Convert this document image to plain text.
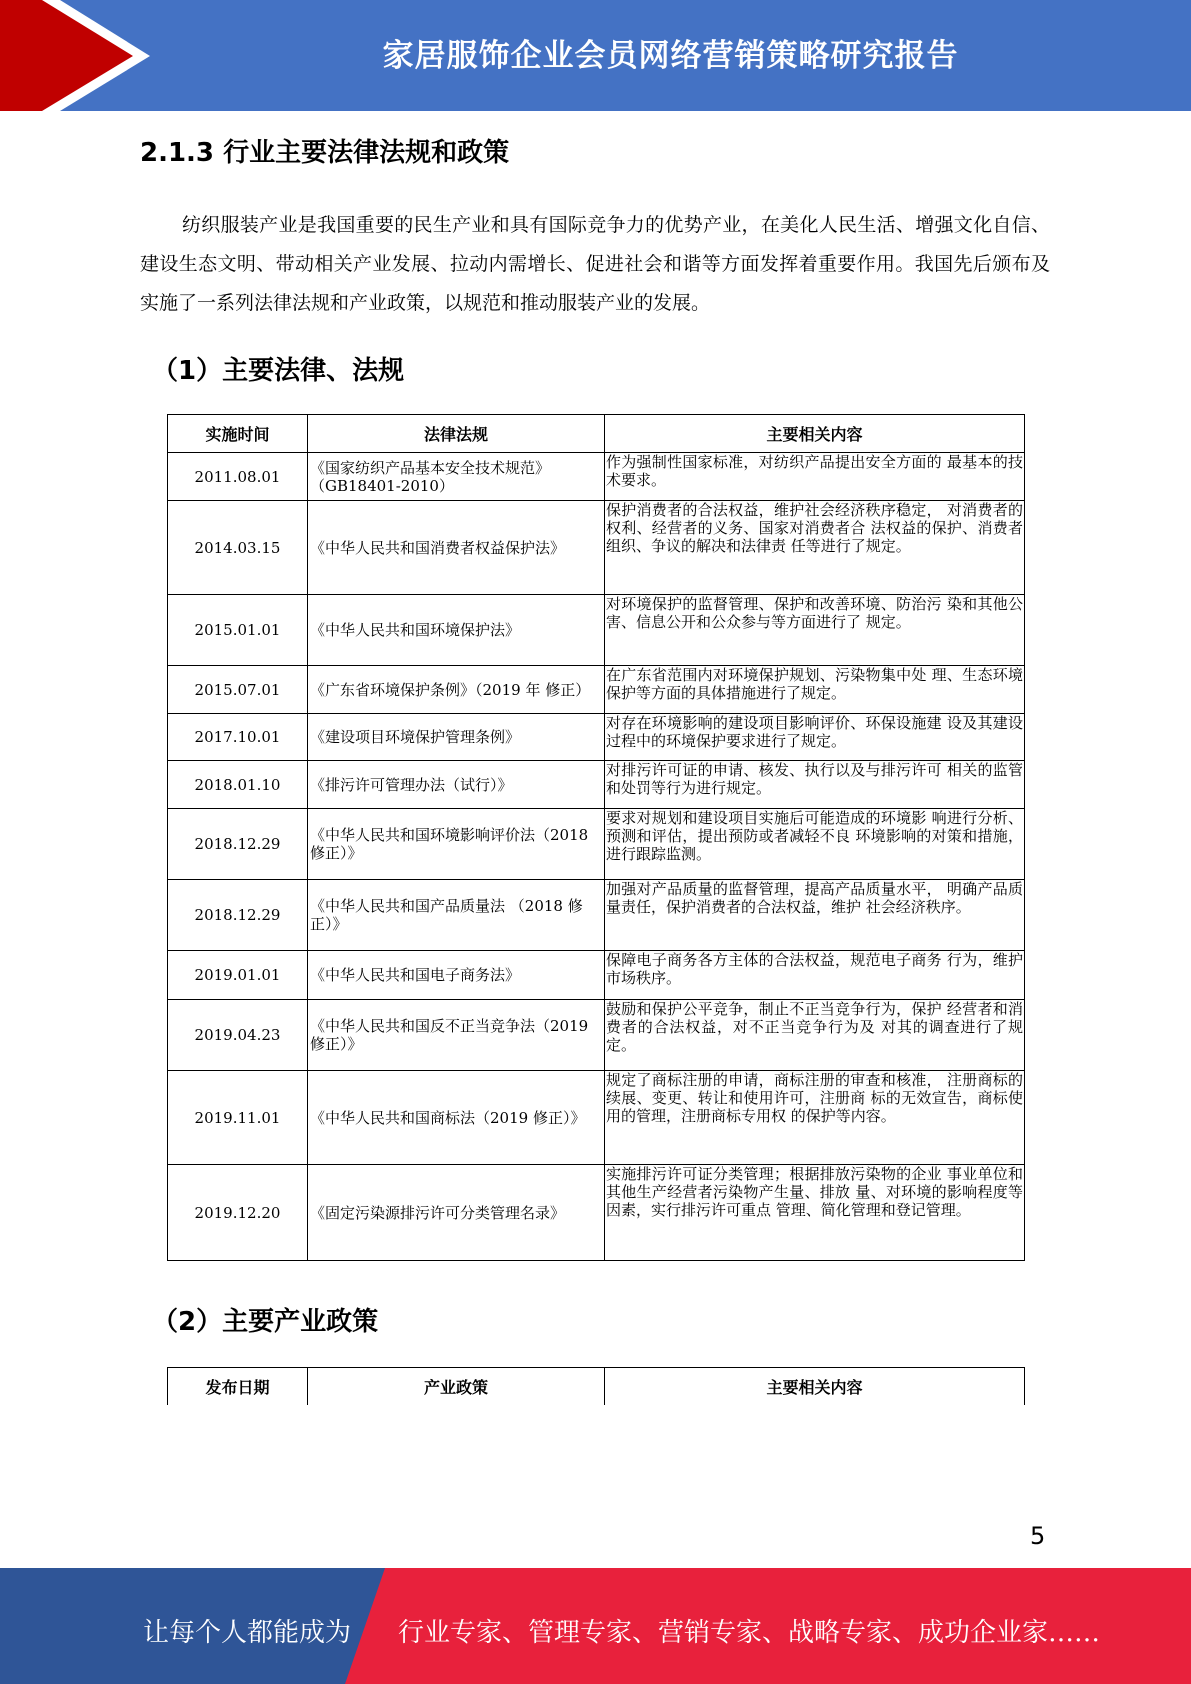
家居服饰企业会员网络营销策略研究报告
2.1.3 行业主要法律法规和政策

纺织服装产业是我国重要的民生产业和具有国际竞争力的优势产业，在美化人民生活、增强文化自信、建设生态文明、带动相关产业发展、拉动内需增长、促进社会和谐等方面发挥着重要作用。我国先后颁布及实施了一系列法律法规和产业政策，以规范和推动服装产业的发展。

（1）主要法律、法规
实施时间	法律法规	主要相关内容
2011.08.01	《国家纺织产品基本安全技术规范》（GB18401-2010）	作为强制性国家标准，对纺织产品提出安全方面的 最基本的技术要求。
2014.03.15	《中华人民共和国消费者权益保护法》	保护消费者的合法权益，维护社会经济秩序稳定， 对消费者的权利、经营者的义务、国家对消费者合 法权益的保护、消费者组织、争议的解决和法律责 任等进行了规定。
2015.01.01	《中华人民共和国环境保护法》	对环境保护的监督管理、保护和改善环境、防治污 染和其他公害、信息公开和公众参与等方面进行了 规定。
2015.07.01	《广东省环境保护条例》（2019 年 修正）	在广东省范围内对环境保护规划、污染物集中处 理、生态环境保护等方面的具体措施进行了规定。
2017.10.01	《建设项目环境保护管理条例》	对存在环境影响的建设项目影响评价、环保设施建 设及其建设过程中的环境保护要求进行了规定。
2018.01.10	《排污许可管理办法（试行）》	对排污许可证的申请、核发、执行以及与排污许可 相关的监管和处罚等行为进行规定。
2018.12.29	《中华人民共和国环境影响评价法（2018 修正）》	要求对规划和建设项目实施后可能造成的环境影 响进行分析、预测和评估，提出预防或者减轻不良 环境影响的对策和措施，进行跟踪监测。
2018.12.29	《中华人民共和国产品质量法 （2018 修正）》	加强对产品质量的监督管理，提高产品质量水平， 明确产品质量责任，保护消费者的合法权益，维护 社会经济秩序。
2019.01.01	《中华人民共和国电子商务法》	保障电子商务各方主体的合法权益，规范电子商务 行为，维护市场秩序。
2019.04.23	《中华人民共和国反不正当竞争法（2019 修正）》	鼓励和保护公平竞争，制止不正当竞争行为，保护 经营者和消费者的合法权益，对不正当竞争行为及 对其的调查进行了规定。
2019.11.01	《中华人民共和国商标法（2019 修正）》	规定了商标注册的申请，商标注册的审查和核准， 注册商标的续展、变更、转让和使用许可，注册商 标的无效宣告，商标使用的管理，注册商标专用权 的保护等内容。
2019.12.20	《固定污染源排污许可分类管理名录》	实施排污许可证分类管理；根据排放污染物的企业 事业单位和其他生产经营者污染物产生量、排放 量、对环境的影响程度等因素，实行排污许可重点 管理、简化管理和登记管理。
（2）主要产业政策
发布日期	产业政策	主要相关内容
5
让每个人都能成为 行业专家、管理专家、营销专家、战略专家、成功企业家……
